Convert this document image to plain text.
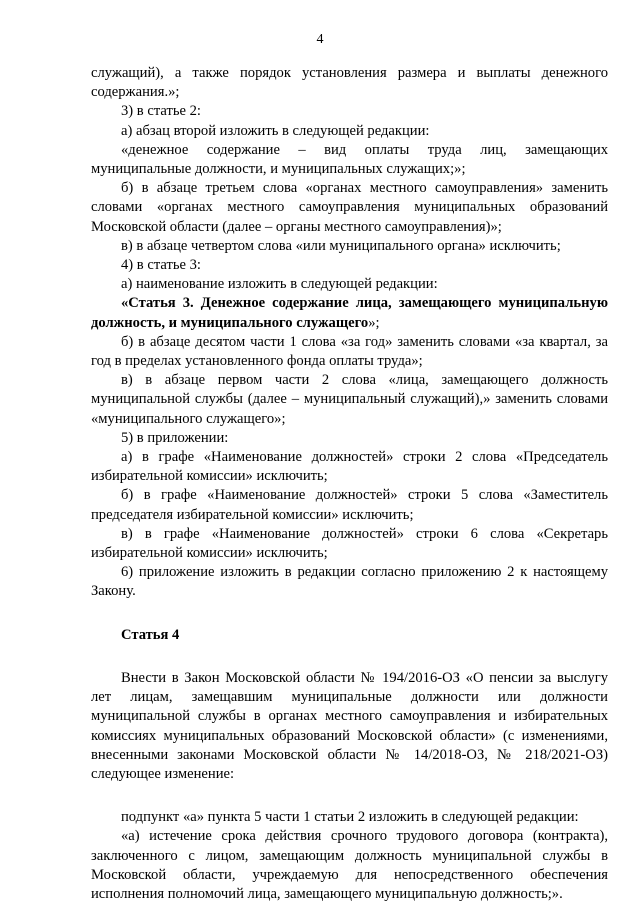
4

служащий), а также порядок установления размера и выплаты денежного содержания.»;

3) в статье 2:

а) абзац второй изложить в следующей редакции:

«денежное содержание – вид оплаты труда лиц, замещающих муниципальные должности, и муниципальных служащих;»;

б) в абзаце третьем слова «органах местного самоуправления» заменить словами «органах местного самоуправления муниципальных образований Московской области (далее – органы местного самоуправления)»;

в) в абзаце четвертом слова «или муниципального органа» исключить;

4) в статье 3:

а) наименование изложить в следующей редакции:

«Статья 3. Денежное содержание лица, замещающего муниципальную должность, и муниципального служащего»;

б) в абзаце десятом части 1 слова «за год» заменить словами «за квартал, за год в пределах установленного фонда оплаты труда»;

в) в абзаце первом части 2 слова «лица, замещающего должность муниципальной службы (далее – муниципальный служащий),» заменить словами «муниципального служащего»;

5) в приложении:

а) в графе «Наименование должностей» строки 2 слова «Председатель избирательной комиссии» исключить;

б) в графе «Наименование должностей» строки 5 слова «Заместитель председателя избирательной комиссии» исключить;

в) в графе «Наименование должностей» строки 6 слова «Секретарь избирательной комиссии» исключить;

6) приложение изложить в редакции согласно приложению 2 к настоящему Закону.

Статья 4

Внести в Закон Московской области № 194/2016-ОЗ «О пенсии за выслугу лет лицам, замещавшим муниципальные должности или должности муниципальной службы в органах местного самоуправления и избирательных комиссиях муниципальных образований Московской области» (с изменениями, внесенными законами Московской области № 14/2018-ОЗ, № 218/2021-ОЗ) следующее изменение:

подпункт «а» пункта 5 части 1 статьи 2 изложить в следующей редакции:

«а) истечение срока действия срочного трудового договора (контракта), заключенного с лицом, замещающим должность муниципальной службы в Московской области, учреждаемую для непосредственного обеспечения исполнения полномочий лица, замещающего муниципальную должность;».
